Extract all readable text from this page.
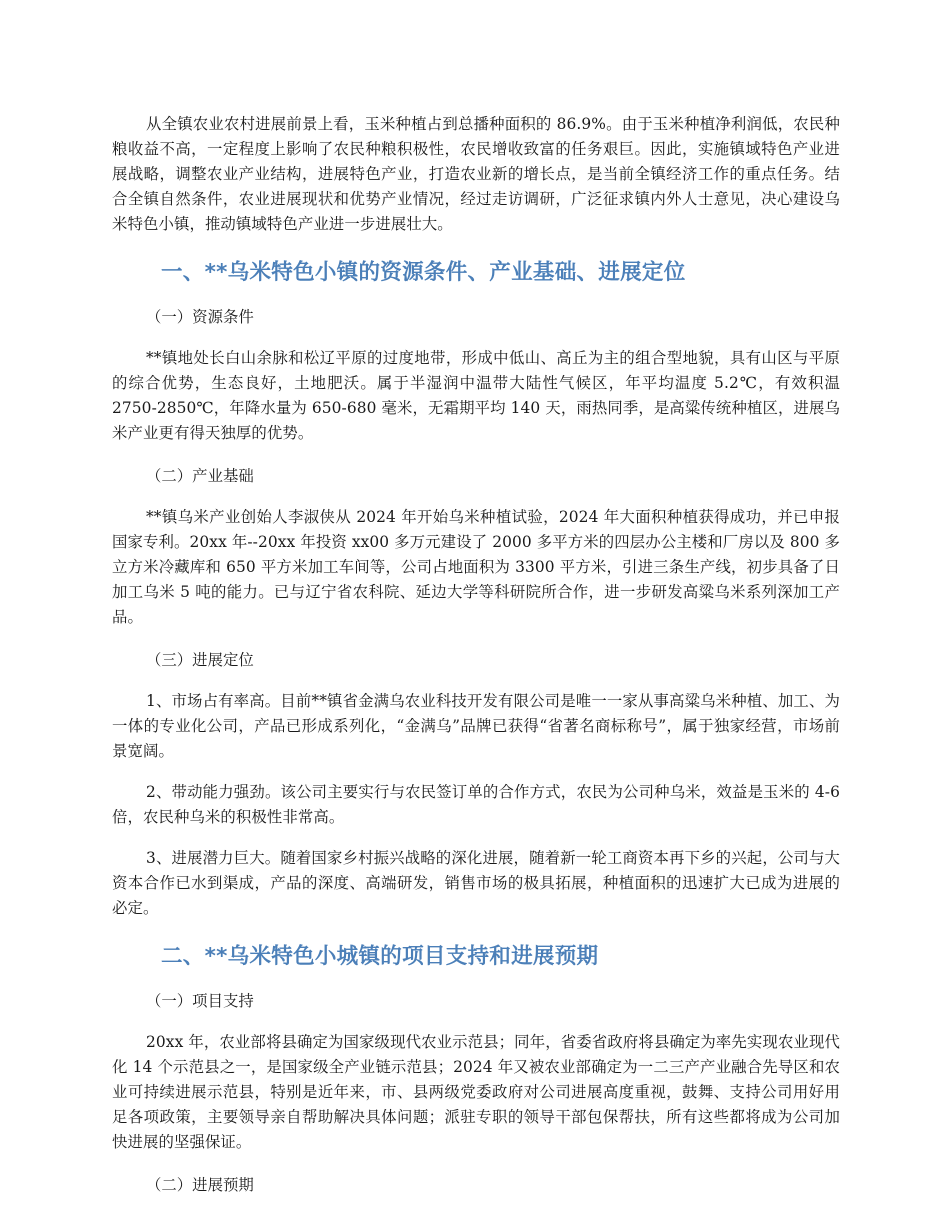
从全镇农业农村进展前景上看，玉米种植占到总播种面积的 86.9%。由于玉米种植净利润低，农民种粮收益不高，一定程度上影响了农民种粮积极性，农民增收致富的任务艰巨。因此，实施镇域特色产业进展战略，调整农业产业结构，进展特色产业，打造农业新的增长点，是当前全镇经济工作的重点任务。结合全镇自然条件，农业进展现状和优势产业情况，经过走访调研，广泛征求镇内外人士意见，决心建设乌米特色小镇，推动镇域特色产业进一步进展壮大。

一、**乌米特色小镇的资源条件、产业基础、进展定位

（一）资源条件

**镇地处长白山余脉和松辽平原的过度地带，形成中低山、高丘为主的组合型地貌，具有山区与平原的综合优势，生态良好，土地肥沃。属于半湿润中温带大陆性气候区，年平均温度 5.2℃，有效积温 2750-2850℃，年降水量为 650-680 毫米，无霜期平均 140 天，雨热同季，是高粱传统种植区，进展乌米产业更有得天独厚的优势。

（二）产业基础

**镇乌米产业创始人李淑侠从 2024 年开始乌米种植试验，2024 年大面积种植获得成功，并已申报国家专利。20xx 年--20xx 年投资 xx00 多万元建设了 2000 多平方米的四层办公主楼和厂房以及 800 多立方米冷藏库和 650 平方米加工车间等，公司占地面积为 3300 平方米，引进三条生产线，初步具备了日加工乌米 5 吨的能力。已与辽宁省农科院、延边大学等科研院所合作，进一步研发高粱乌米系列深加工产品。

（三）进展定位

1、市场占有率高。目前**镇省金满乌农业科技开发有限公司是唯一一家从事高粱乌米种植、加工、为一体的专业化公司，产品已形成系列化，“金满乌”品牌已获得“省著名商标称号”，属于独家经营，市场前景宽阔。

2、带动能力强劲。该公司主要实行与农民签订单的合作方式，农民为公司种乌米，效益是玉米的 4-6 倍，农民种乌米的积极性非常高。

3、进展潜力巨大。随着国家乡村振兴战略的深化进展，随着新一轮工商资本再下乡的兴起，公司与大资本合作已水到渠成，产品的深度、高端研发，销售市场的极具拓展，种植面积的迅速扩大已成为进展的必定。

二、**乌米特色小城镇的项目支持和进展预期

（一）项目支持

20xx 年，农业部将县确定为国家级现代农业示范县；同年，省委省政府将县确定为率先实现农业现代化 14 个示范县之一，是国家级全产业链示范县；2024 年又被农业部确定为一二三产产业融合先导区和农业可持续进展示范县，特别是近年来，市、县两级党委政府对公司进展高度重视，鼓舞、支持公司用好用足各项政策，主要领导亲自帮助解决具体问题；派驻专职的领导干部包保帮扶，所有这些都将成为公司加快进展的坚强保证。

（二）进展预期
